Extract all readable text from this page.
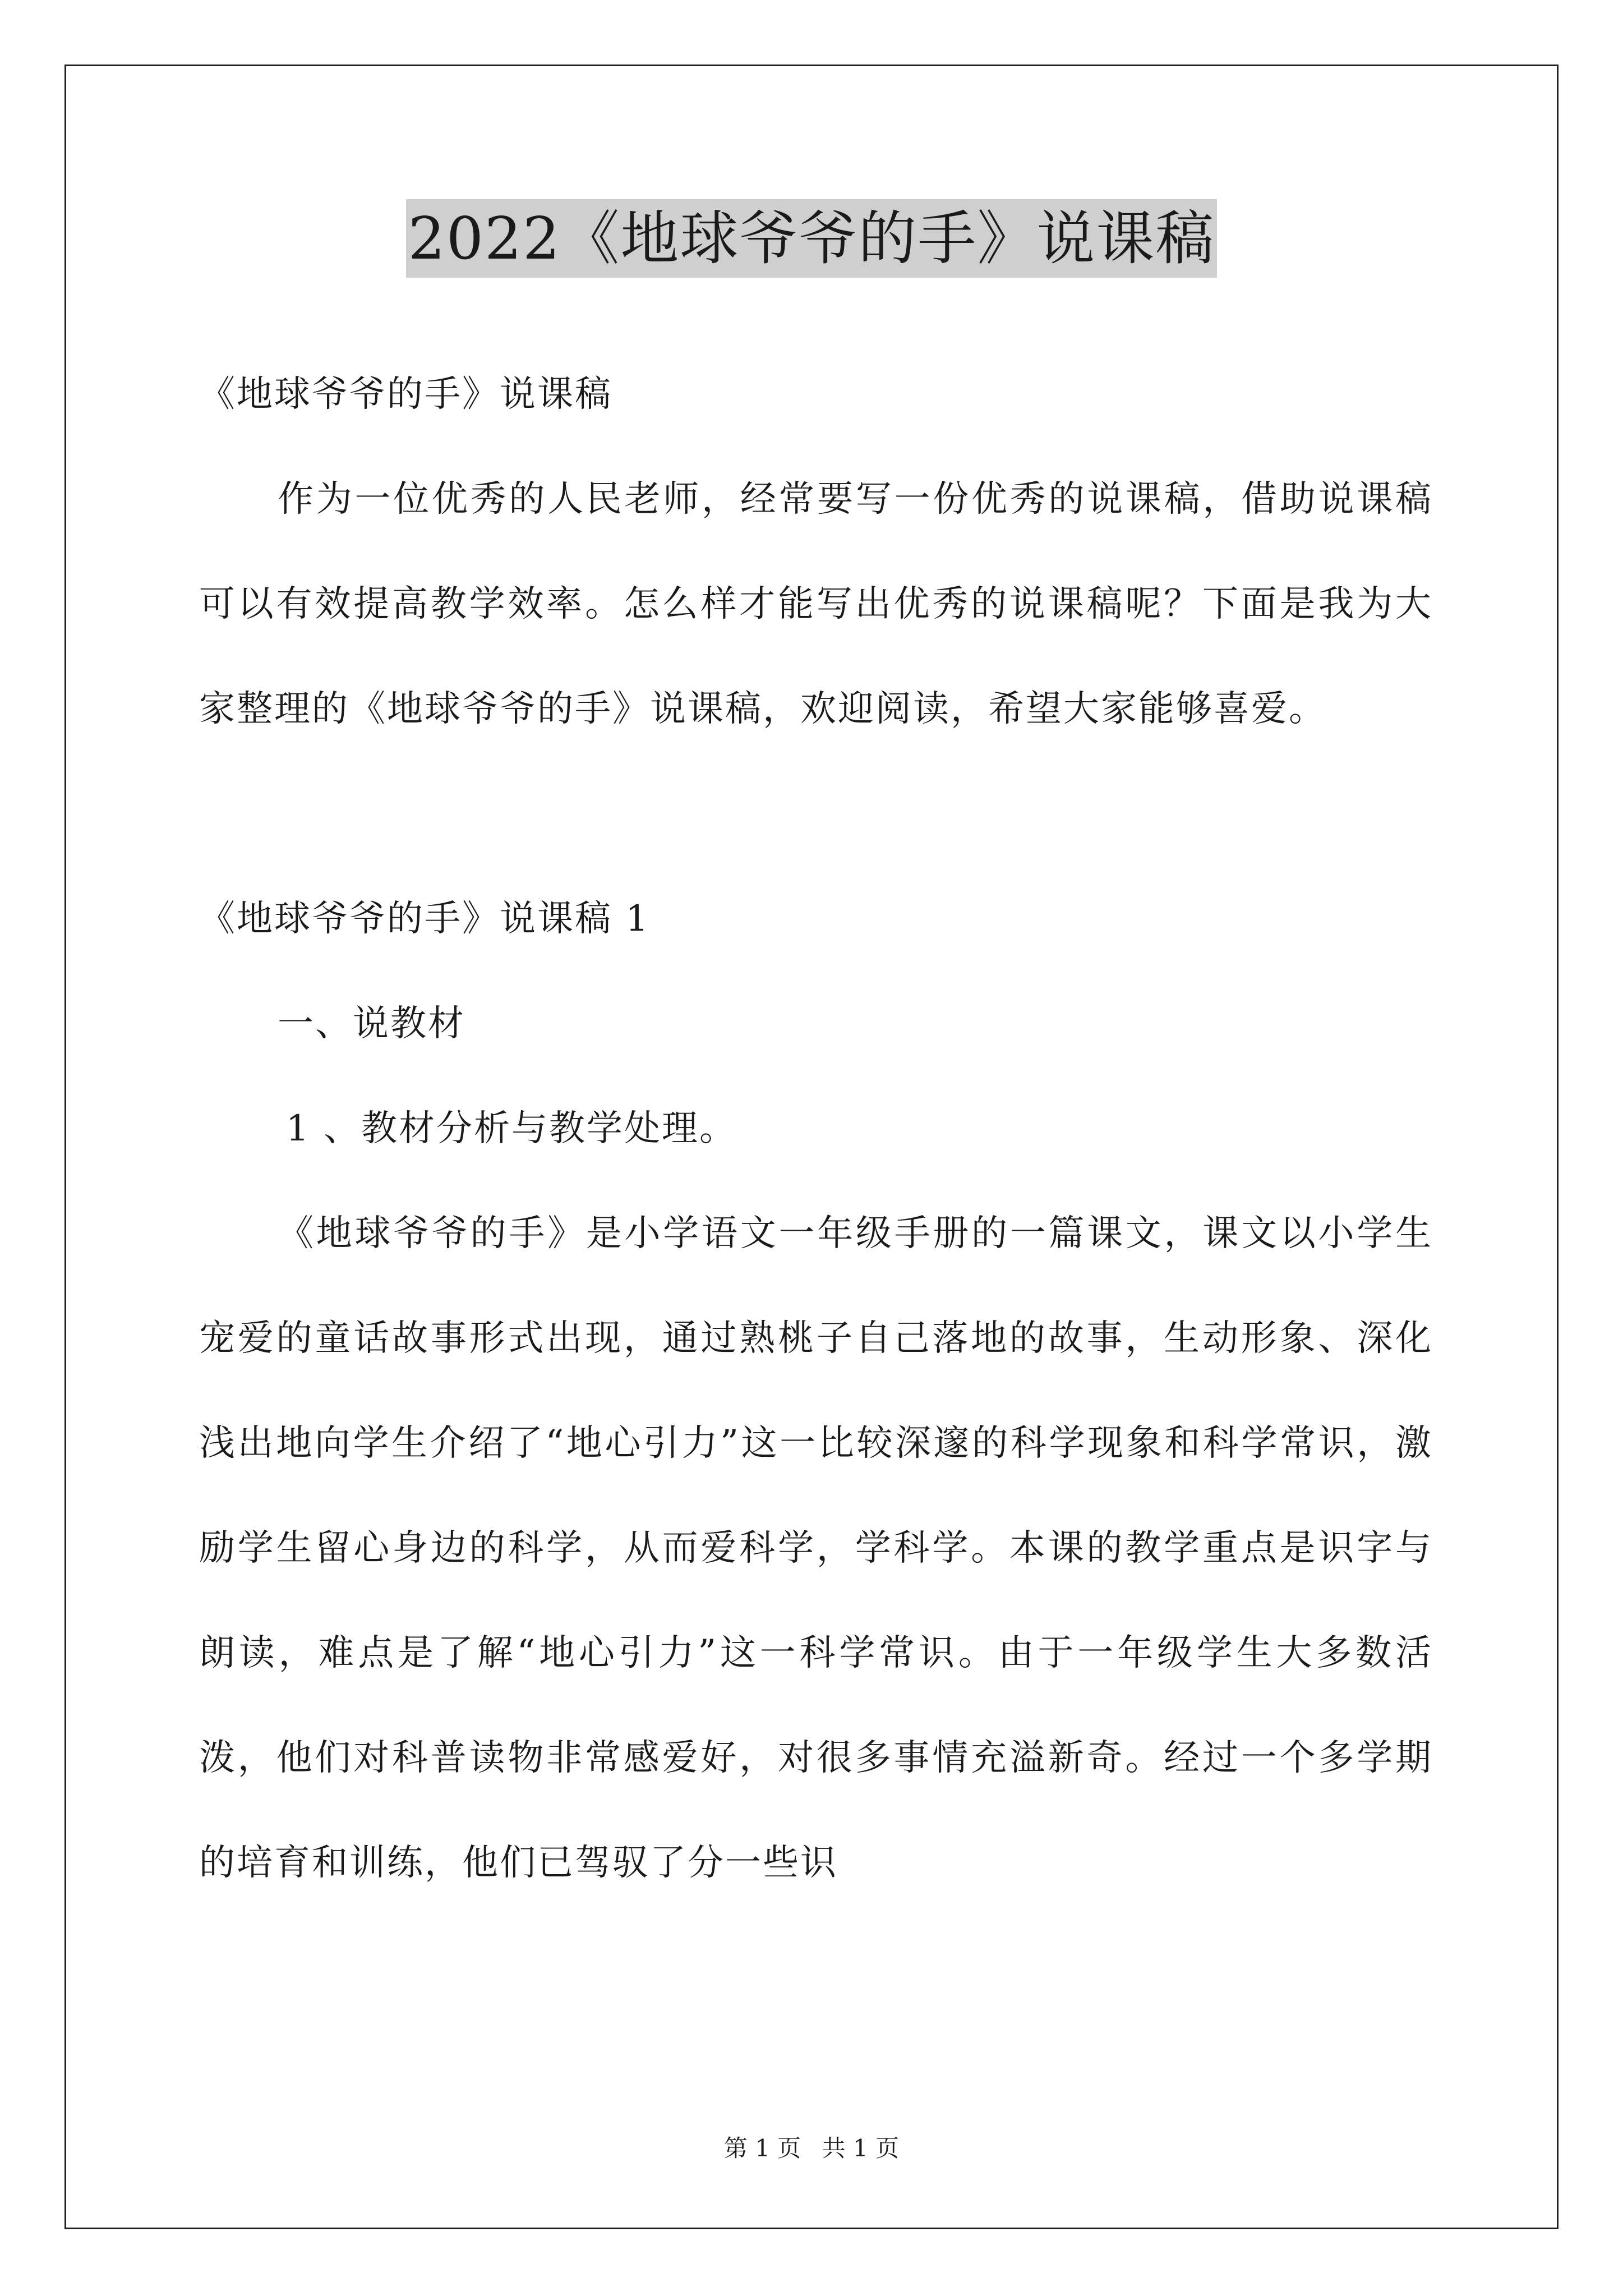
2022《地球爷爷的手》说课稿

《地球爷爷的手》说课稿

作为一位优秀的人民老师，经常要写一份优秀的说课稿，借助说课稿可以有效提高教学效率。怎么样才能写出优秀的说课稿呢？下面是我为大家整理的《地球爷爷的手》说课稿，欢迎阅读，希望大家能够喜爱。

《地球爷爷的手》说课稿 1

一、说教材

1 、教材分析与教学处理。

《地球爷爷的手》是小学语文一年级手册的一篇课文，课文以小学生宠爱的童话故事形式出现，通过熟桃子自己落地的故事，生动形象、深化浅出地向学生介绍了“地心引力”这一比较深邃的科学现象和科学常识，激励学生留心身边的科学，从而爱科学，学科学。本课的教学重点是识字与朗读，难点是了解“地心引力”这一科学常识。由于一年级学生大多数活泼，他们对科普读物非常感爱好，对很多事情充溢新奇。经过一个多学期的培育和训练，他们已驾驭了分一些识

第 1 页 共 1 页
